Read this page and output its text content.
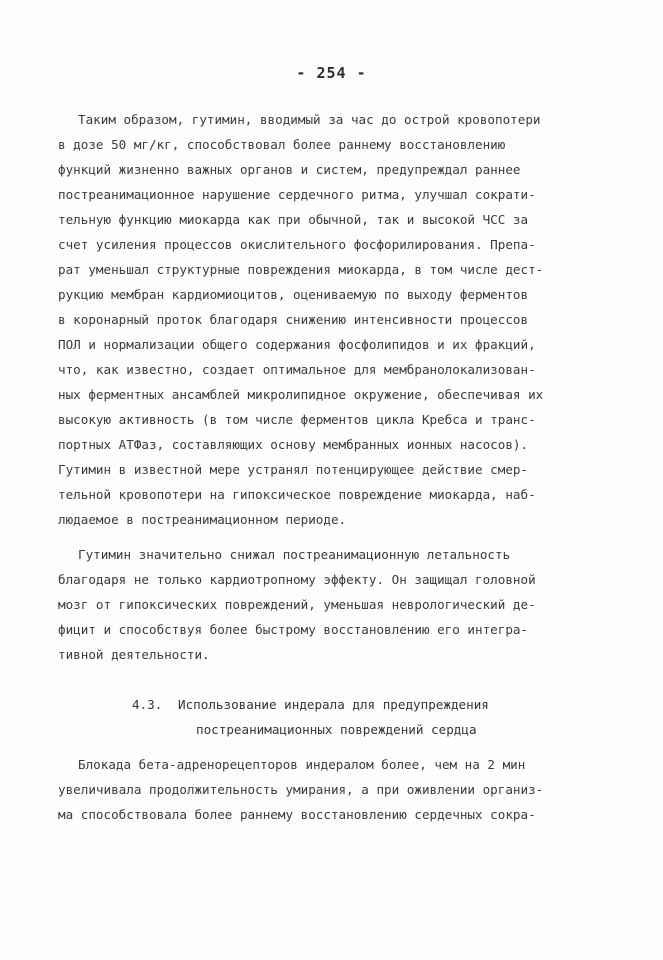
- 254 -
Таким образом, гутимин, вводимый за час до острой кровопотери
в дозе 50 мг/кг, способствовал более раннему восстановлению
функций жизненно важных органов и систем, предупреждал раннее
постреанимационное нарушение сердечного ритма, улучшал сократи-
тельную функцию миокарда как при обычной, так и высокой ЧСС за
счет усиления процессов окислительного фосфорилирования. Препа-
рат уменьшал структурные повреждения миокарда, в том числе дест-
рукцию мембран кардиомиоцитов, оцениваемую по выходу ферментов
в коронарный проток благодаря снижению интенсивности процессов
ПОЛ и нормализации общего содержания фосфолипидов и их фракций,
что, как известно, создает оптимальное для мембранолокализован-
ных ферментных ансамблей микролипидное окружение, обеспечивая их
высокую активность (в том числе ферментов цикла Кребса и транс-
портных АТФаз, составляющих основу мембранных ионных насосов).
Гутимин в известной мере устранял потенцирующее действие смер-
тельной кровопотери на гипоксическое повреждение миокарда, наб-
людаемое в постреанимационном периоде.
Гутимин значительно снижал постреанимационную летальность
благодаря не только кардиотропному эффекту. Он защищал головной
мозг от гипоксических повреждений, уменьшая неврологический де-
фицит и способствуя более быстрому восстановлению его интегра-
тивной деятельности.
4.3. Использование индерала для предупреждения
постреанимационных повреждений сердца
Блокада бета-адренорецепторов индералом более, чем на 2 мин
увеличивала продолжительность умирания, а при оживлении организ-
ма способствовала более раннему восстановлению сердечных сокра-
